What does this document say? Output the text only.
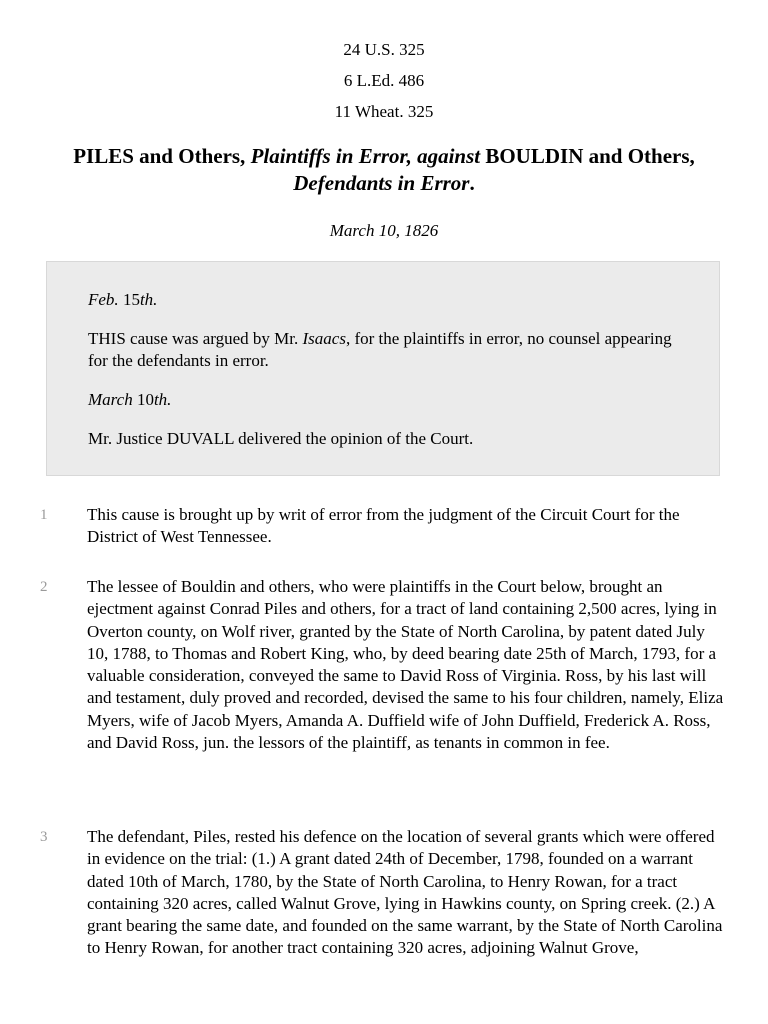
24 U.S. 325
6 L.Ed. 486
11 Wheat. 325
PILES and Others, Plaintiffs in Error, against BOULDIN and Others, Defendants in Error.
March 10, 1826

Feb. 15th.

THIS cause was argued by Mr. Isaacs, for the plaintiffs in error, no counsel appearing for the defendants in error.

March 10th.

Mr. Justice DUVALL delivered the opinion of the Court.

1	This cause is brought up by writ of error from the judgment of the Circuit Court for the District of West Tennessee.
2	The lessee of Bouldin and others, who were plaintiffs in the Court below, brought an ejectment against Conrad Piles and others, for a tract of land containing 2,500 acres, lying in Overton county, on Wolf river, granted by the State of North Carolina, by patent dated July 10, 1788, to Thomas and Robert King, who, by deed bearing date 25th of March, 1793, for a valuable consideration, conveyed the same to David Ross of Virginia. Ross, by his last will and testament, duly proved and recorded, devised the same to his four children, namely, Eliza Myers, wife of Jacob Myers, Amanda A. Duffield wife of John Duffield, Frederick A. Ross, and David Ross, jun. the lessors of the plaintiff, as tenants in common in fee.
3	The defendant, Piles, rested his defence on the location of several grants which were offered in evidence on the trial: (1.) A grant dated 24th of December, 1798, founded on a warrant dated 10th of March, 1780, by the State of North Carolina, to Henry Rowan, for a tract containing 320 acres, called Walnut Grove, lying in Hawkins county, on Spring creek. (2.) A grant bearing the same date, and founded on the same warrant, by the State of North Carolina to Henry Rowan, for another tract containing 320 acres, adjoining Walnut Grove,
